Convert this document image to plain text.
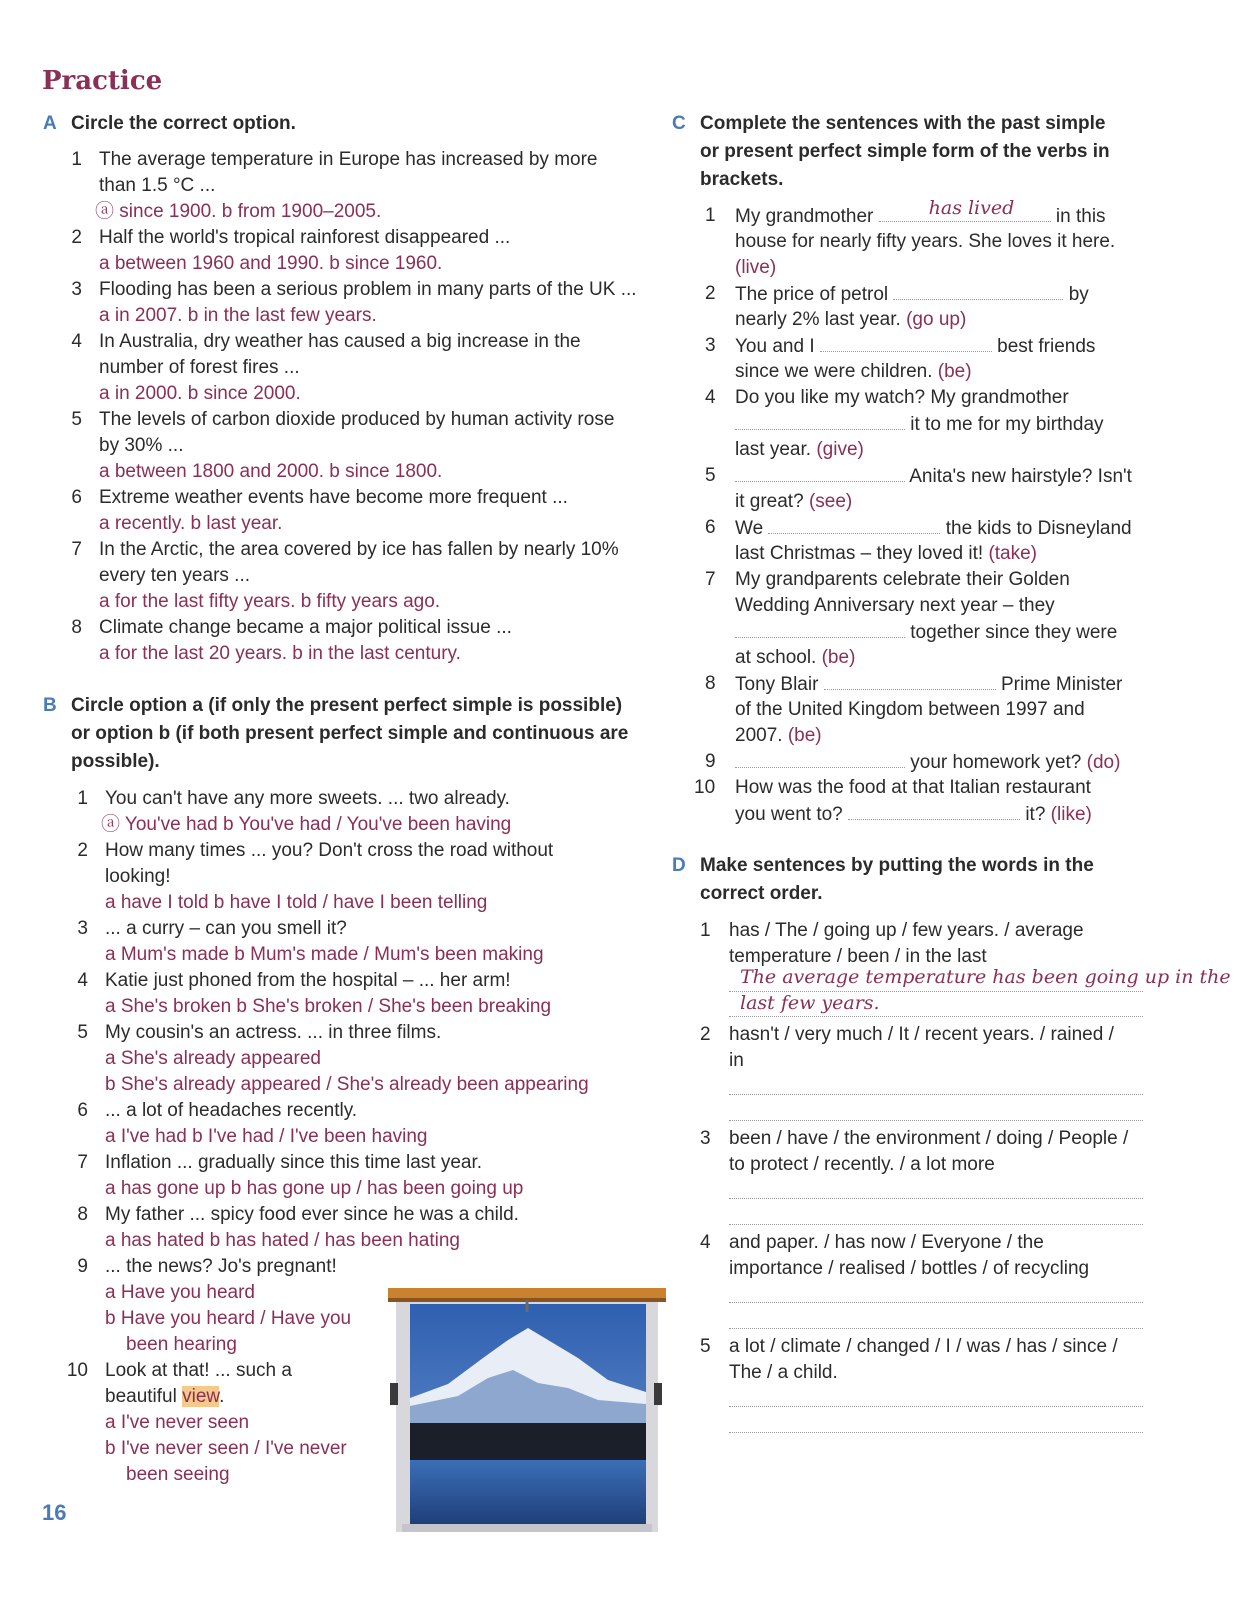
Practice
A Circle the correct option.
1 The average temperature in Europe has increased by more
than 1.5 °C ...
ⓐ since 1900. b from 1900–2005.
2 Half the world's tropical rainforest disappeared ...
a between 1960 and 1990. b since 1960.
3 Flooding has been a serious problem in many parts of the UK ...
a in 2007. b in the last few years.
4 In Australia, dry weather has caused a big increase in the
number of forest fires ...
a in 2000. b since 2000.
5 The levels of carbon dioxide produced by human activity rose
by 30% ...
a between 1800 and 2000. b since 1800.
6 Extreme weather events have become more frequent ...
a recently. b last year.
7 In the Arctic, the area covered by ice has fallen by nearly 10%
every ten years ...
a for the last fifty years. b fifty years ago.
8 Climate change became a major political issue ...
a for the last 20 years. b in the last century.
B Circle option a (if only the present perfect simple is possible)
or option b (if both present perfect simple and continuous are
possible).
1 You can't have any more sweets. ... two already.
ⓐ You've had b You've had / You've been having
2 How many times ... you? Don't cross the road without
looking!
a have I told b have I told / have I been telling
3 ... a curry – can you smell it?
a Mum's made b Mum's made / Mum's been making
4 Katie just phoned from the hospital – ... her arm!
a She's broken b She's broken / She's been breaking
5 My cousin's an actress. ... in three films.
a She's already appeared
b She's already appeared / She's already been appearing
6 ... a lot of headaches recently.
a I've had b I've had / I've been having
7 Inflation ... gradually since this time last year.
a has gone up b has gone up / has been going up
8 My father ... spicy food ever since he was a child.
a has hated b has hated / has been hating
9 ... the news? Jo's pregnant!
a Have you heard
b Have you heard / Have you
been hearing
10 Look at that! ... such a
beautiful view.
a I've never seen
b I've never seen / I've never
been seeing
C Complete the sentences with the past simple
or present perfect simple form of the verbs in
brackets.
1 My grandmother	has lived in this
house for nearly fifty years. She loves it here.
(live)
2 The price of petrol	by
nearly 2% last year. (go up)
3 You and I	best friends
since we were children. (be)
4 Do you like my watch? My grandmother
it to me for my birthday
last year. (give)
5	Anita's new hairstyle? Isn't
it great? (see)
6 We	the kids to Disneyland
last Christmas – they loved it! (take)
7 My grandparents celebrate their Golden
Wedding Anniversary next year – they
together since they were
at school. (be)
8 Tony Blair	Prime Minister
of the United Kingdom between 1997 and
2007. (be)
9	your homework yet? (do)
10 How was the food at that Italian restaurant
you went to?	it? (like)
D Make sentences by putting the words in the
correct order.
1 has / The / going up / few years. / average
temperature / been / in the last
The average temperature has been going up in the
last few years.
2 hasn't / very much / It / recent years. / rained /
in
3 been / have / the environment / doing / People /
to protect / recently. / a lot more
4 and paper. / has now / Everyone / the
importance / realised / bottles / of recycling
5 a lot / climate / changed / I / was / has / since /
The / a child.
16
